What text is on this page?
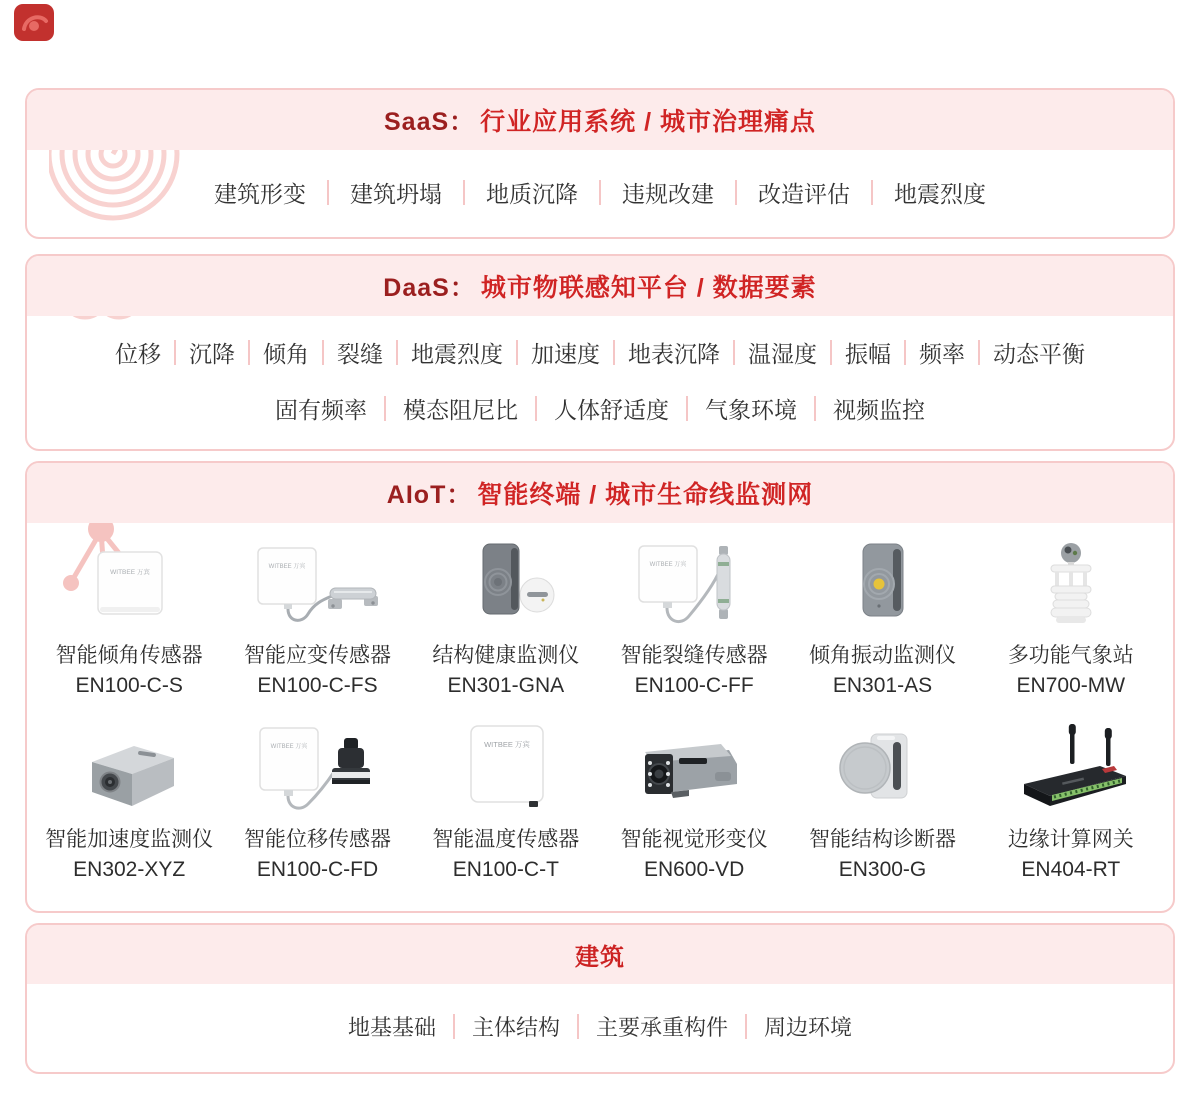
SaaS： 行业应用系统 / 城市治理痛点
建筑形变 建筑坍塌 地质沉降 违规改建 改造评估 地震烈度
DaaS： 城市物联感知平台 / 数据要素
位移 沉降 倾角 裂缝 地震烈度 加速度 地表沉降 温湿度 振幅 频率 动态平衡
固有频率 模态阻尼比 人体舒适度 气象环境 视频监控
AIoT： 智能终端 / 城市生命线监测网
WITBEE 万宾
智能倾角传感器
EN100-C-S
WITBEE 万宾
智能应变传感器
EN100-C-FS
结构健康监测仪
EN301-GNA
WITBEE 万宾
智能裂缝传感器
EN100-C-FF
倾角振动监测仪
EN301-AS
多功能气象站
EN700-MW
智能加速度监测仪
EN302-XYZ
WITBEE 万宾
智能位移传感器
EN100-C-FD
WITBEE 万宾
智能温度传感器
EN100-C-T
智能视觉形变仪
EN600-VD
智能结构诊断器
EN300-G
边缘计算网关
EN404-RT
建筑
地基基础 主体结构 主要承重构件 周边环境
